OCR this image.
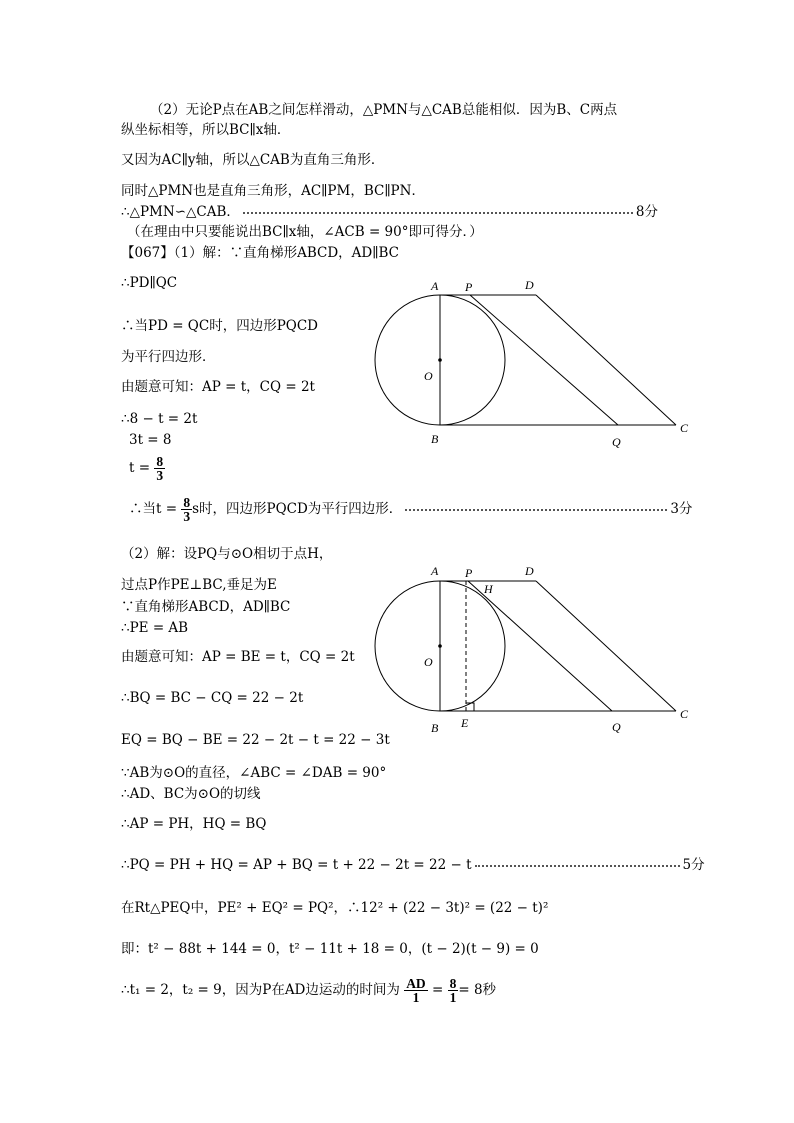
（2）无论P点在AB之间怎样滑动，△PMN与△CAB总能相似．因为B、C两点
纵坐标相等，所以BC∥x轴．
又因为AC∥y轴，所以△CAB为直角三角形．
同时△PMN也是直角三角形，AC∥PM，BC∥PN．
∴△PMN∽△CAB．	8分
（在理由中只要能说出BC∥x轴，∠ACB = 90°即可得分．）
【067】（1）解：∵直角梯形ABCD，AD∥BC
∴PD∥QC
∴当PD = QC时，四边形PQCD
为平行四边形．
由题意可知：AP = t，CQ = 2t
∴8 − t = 2t
3t = 8
$t = \frac{8}{3}$
∴当$t = \frac{8}{3}$ s时，四边形PQCD为平行四边形．	3分
A P	D
O
B	Q
C
（2）解：设PQ与⊙O相切于点H，
过点P作PE⊥BC,垂足为E
∵直角梯形ABCD，AD∥BC
∴PE = AB
由题意可知：AP = BE = t，CQ = 2t
∴BQ = BC − CQ = 22 − 2t
EQ = BQ − BE = 22 − 2t − t = 22 − 3t
∵AB为⊙O的直径，∠ABC = ∠DAB = 90°
∴AD、BC为⊙O的切线
∴AP = PH，HQ = BQ
∴PQ = PH + HQ = AP + BQ = t + 22 − 2t = 22 − t	5分
在Rt△PEQ中，PE² + EQ² = PQ²，∴12² + (22 − 3t)² = (22 − t)²
即：t² − 88t + 144 = 0，t² − 11t + 18 = 0，(t − 2)(t − 9) = 0
∴t₁ = 2，t₂ = 9，因为P在AD边运动的时间为 $\frac{AD}{1} = \frac{8}{1} = 8$秒
A P	D
H
O
B E	Q
C
